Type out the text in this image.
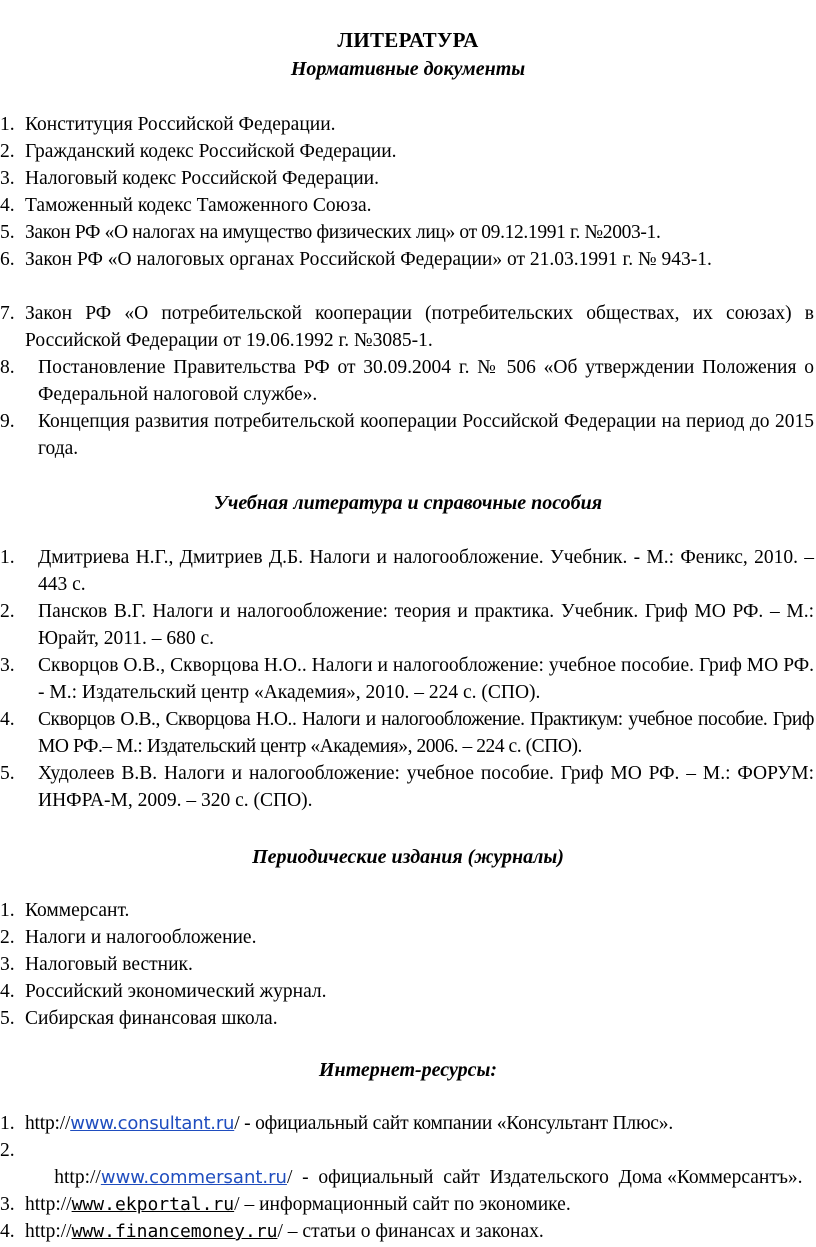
ЛИТЕРАТУРА
Нормативные документы
1. Конституция Российской Федерации.
2. Гражданский кодекс Российской Федерации.
3. Налоговый кодекс Российской Федерации.
4. Таможенный кодекс Таможенного Союза.
5. Закон РФ «О налогах на имущество физических лиц» от 09.12.1991 г. №2003-1.
6. Закон РФ «О налоговых органах Российской Федерации» от 21.03.1991 г. № 943-1.
7. Закон РФ «О потребительской кооперации (потребительских обществах, их союзах) в Российской Федерации от 19.06.1992 г. №3085-1.
8. Постановление Правительства РФ от 30.09.2004 г. № 506 «Об утверждении Положения о Федеральной налоговой службе».
9. Концепция развития потребительской кооперации Российской Федерации на период до 2015 года.
Учебная литература и справочные пособия
1. Дмитриева Н.Г., Дмитриев Д.Б. Налоги и налогообложение. Учебник. - М.: Феникс, 2010. – 443 с.
2. Пансков В.Г. Налоги и налогообложение: теория и практика. Учебник. Гриф МО РФ. – М.: Юрайт, 2011. – 680 с.
3. Скворцов О.В., Скворцова Н.О.. Налоги и налогообложение: учебное пособие. Гриф МО РФ. - М.: Издательский центр «Академия», 2010. – 224 с. (СПО).
4. Скворцов О.В., Скворцова Н.О.. Налоги и налогообложение. Практикум: учебное пособие. Гриф МО РФ.– М.: Издательский центр «Академия», 2006. – 224 с. (СПО).
5. Худолеев В.В. Налоги и налогообложение: учебное пособие. Гриф МО РФ. – М.: ФОРУМ: ИНФРА-М, 2009. – 320 с. (СПО).
Периодические издания (журналы)
1. Коммерсант.
2. Налоги и налогообложение.
3. Налоговый вестник.
4. Российский экономический журнал.
5. Сибирская финансовая школа.
Интернет-ресурсы:
1. http://www.consultant.ru/ - официальный сайт компании «Консультант Плюс».
2.

http://www.commersant.ru/  -  официальный  сайт  Издательского  Дома «Коммерсантъ».

3. http://www.ekportal.ru/ – информационный сайт по экономике.
4. http://www.financemoney.ru/ – статьи о финансах и законах.
